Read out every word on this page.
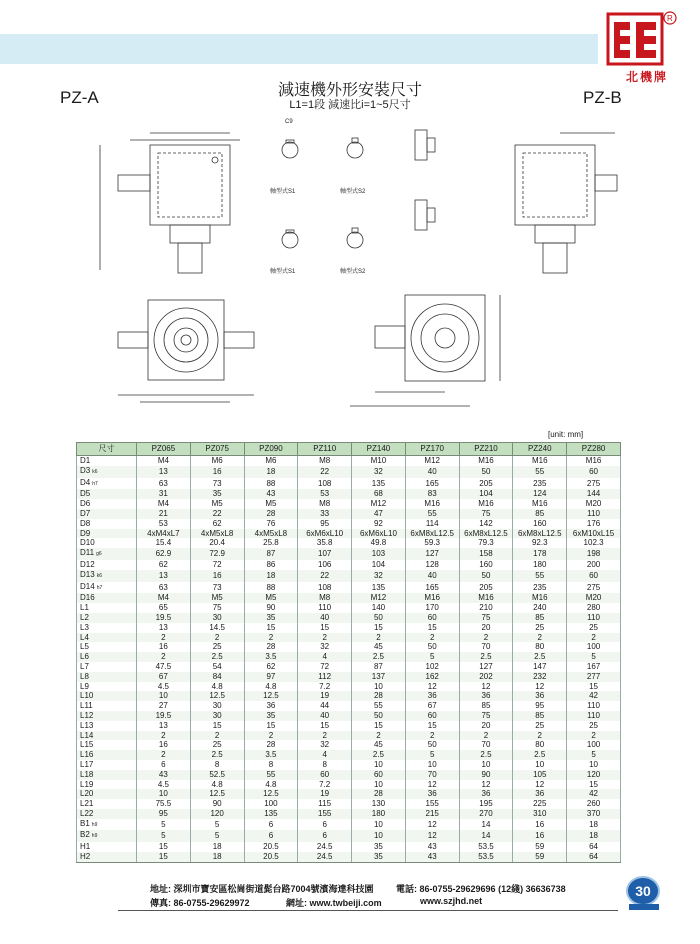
R
北機牌
PZ-A	PZ-B
減速機外形安裝尺寸
L1=1段 減速比i=1~5尺寸
C9
軸型式S1	軸型式S2
軸型式S1	軸型式S2
[unit: mm]
尺寸	PZ065	PZ075	PZ090	PZ110	PZ140	PZ170	PZ210	PZ240	PZ280
D1	M4	M6	M6	M8	M10	M12	M16	M16	M16
D3 k6	13	16	18	22	32	40	50	55	60
D4 h7	63	73	88	108	135	165	205	235	275
D5	31	35	43	53	68	83	104	124	144
D6	M4	M5	M5	M8	M12	M16	M16	M16	M20
D7	21	22	28	33	47	55	75	85	110
D8	53	62	76	95	92	114	142	160	176
D9	4xM4xL7	4xM5xL8	4xM5xL8	6xM6xL10	6xM6xL10	6xM8xL12.5	6xM8xL12.5	6xM8xL12.5	6xM10xL15
D10	15.4	20.4	25.8	35.8	49.8	59.3	79.3	92.3	102.3
D11 g6	62.9	72.9	87	107	103	127	158	178	198
D12	62	72	86	106	104	128	160	180	200
D13 k6	13	16	18	22	32	40	50	55	60
D14 h7	63	73	88	108	135	165	205	235	275
D16	M4	M5	M5	M8	M12	M16	M16	M16	M20
L1	65	75	90	110	140	170	210	240	280
L2	19.5	30	35	40	50	60	75	85	110
L3	13	14.5	15	15	15	15	20	25	25
L4	2	2	2	2	2	2	2	2	2
L5	16	25	28	32	45	50	70	80	100
L6	2	2.5	3.5	4	2.5	5	2.5	2.5	5
L7	47.5	54	62	72	87	102	127	147	167
L8	67	84	97	112	137	162	202	232	277
L9	4.5	4.8	4.8	7.2	10	12	12	12	15
L10	10	12.5	12.5	19	28	36	36	36	42
L11	27	30	36	44	55	67	85	95	110
L12	19.5	30	35	40	50	60	75	85	110
L13	13	15	15	15	15	15	20	25	25
L14	2	2	2	2	2	2	2	2	2
L15	16	25	28	32	45	50	70	80	100
L16	2	2.5	3.5	4	2.5	5	2.5	2.5	5
L17	6	8	8	8	10	10	10	10	10
L18	43	52.5	55	60	60	70	90	105	120
L19	4.5	4.8	4.8	7.2	10	12	12	12	15
L20	10	12.5	12.5	19	28	36	36	36	42
L21	75.5	90	100	115	130	155	195	225	260
L22	95	120	135	155	180	215	270	310	370
B1 h9	5	5	6	6	10	12	14	16	18
B2 h9	5	5	6	6	10	12	14	16	18
H1	15	18	20.5	24.5	35	43	53.5	59	64
H2	15	18	20.5	24.5	35	43	53.5	59	64
地址: 深圳市寶安區松崗街道髭台路7004號濱海達科技園 電話: 86-0755-29629696 (12綫) 36636738
傳真: 86-0755-29629972	網址: www.twbeiji.com	www.szjhd.net
30
